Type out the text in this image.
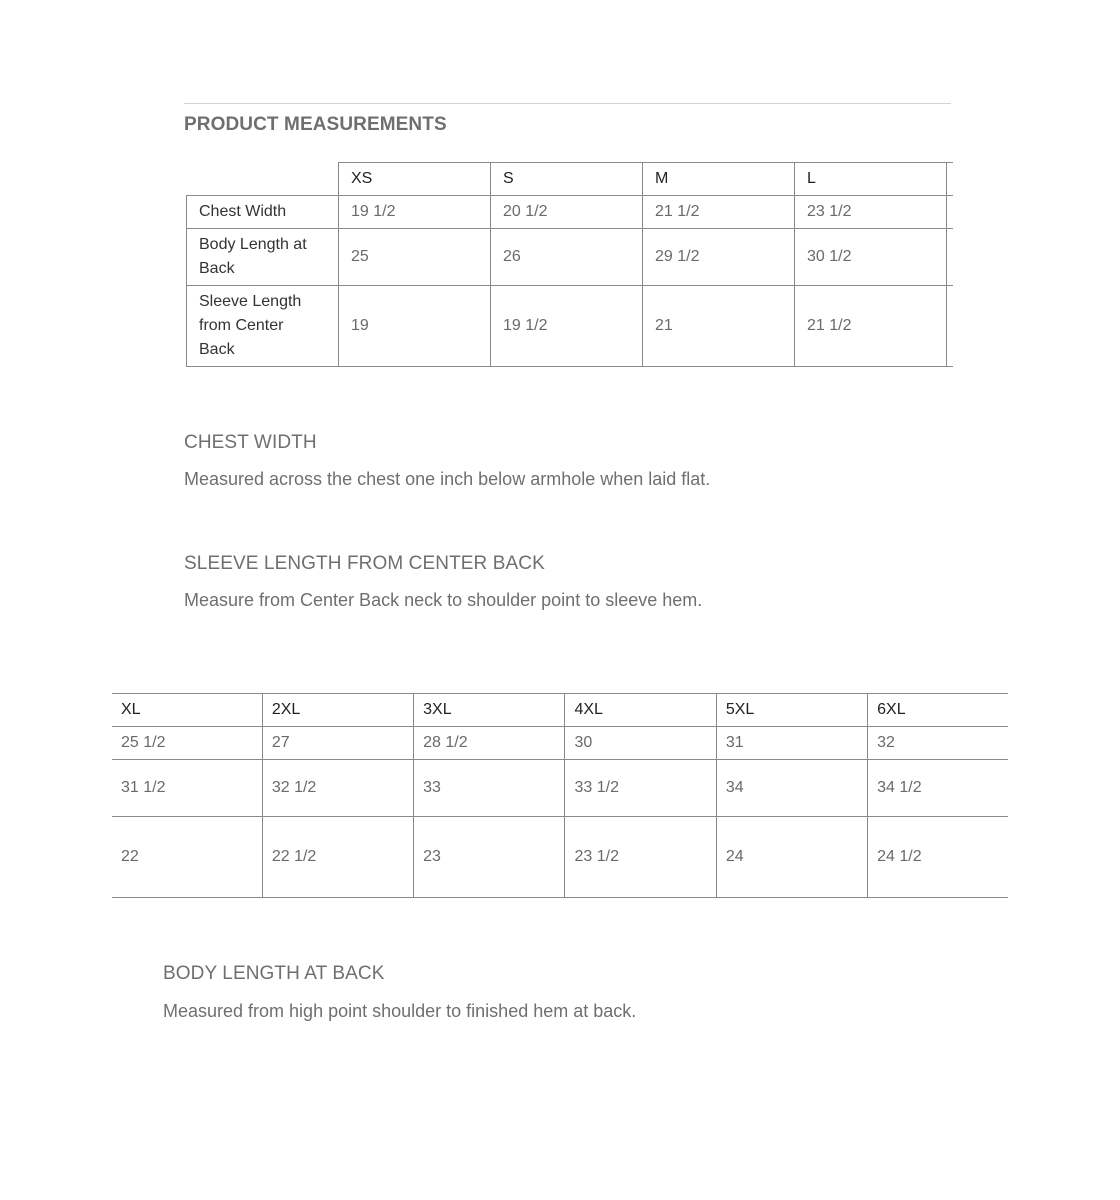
PRODUCT MEASUREMENTS
	XS	S	M	L	
Chest Width	19 1/2	20 1/2	21 1/2	23 1/2	

Body Length at Back	25	26	29 1/2	30 1/2	

Sleeve Length from Center Back	19	19 1/2	21	21 1/2	
CHEST WIDTH

Measured across the chest one inch below armhole when laid flat.

SLEEVE LENGTH FROM CENTER BACK

Measure from Center Back neck to shoulder point to sleeve hem.

XL	2XL	3XL	4XL	5XL	6XL
25 1/2	27	28 1/2	30	31	32
31 1/2	32 1/2	33	33 1/2	34	34 1/2
22	22 1/2	23	23 1/2	24	24 1/2
BODY LENGTH AT BACK

Measured from high point shoulder to finished hem at back.
